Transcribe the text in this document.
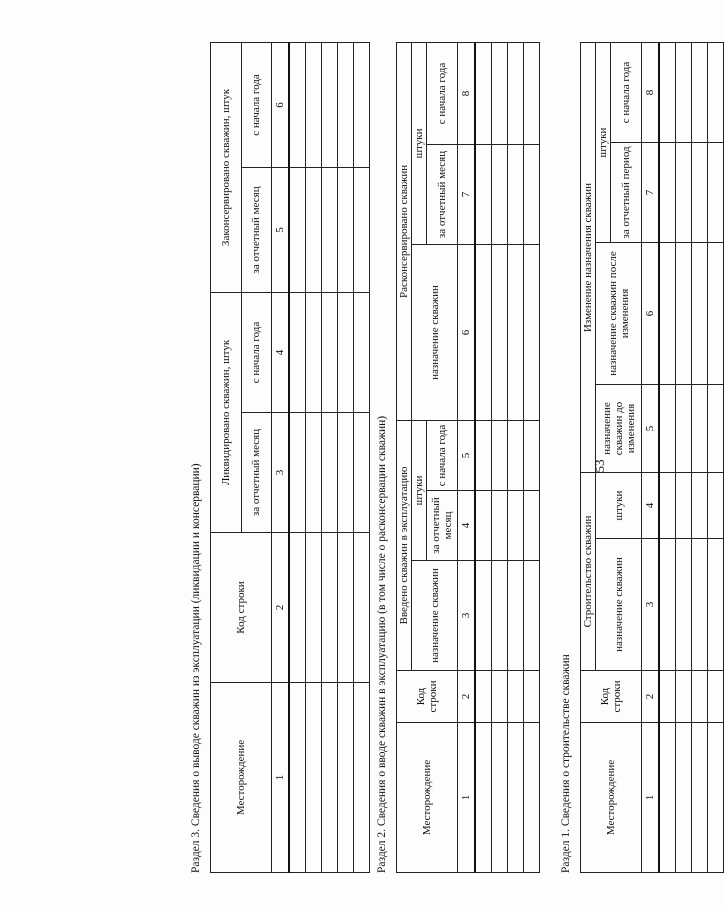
53
Раздел 1. Сведения о строительстве скважин	Месторождение	Код строки	Строительство скважин		Изменение назначения скважин			
		назначение скважин	штуки	назначение скважин до изменения	назначение скважин после изменения	штуки	
						за отчетный период	с начала года
1	2	3	4	5	6	7	8

Раздел 2. Сведения о вводе скважин в эксплуатацию (в том числе о расконсервации скважин)	Месторождение	Код строки	Введено скважин в эксплуатацию			Расконсервировано скважин		
		назначение скважин	штуки		назначение скважин	штуки	
			за отчетный месяц	с начала года		за отчетный месяц	с начала года
1	2	3	4	5	6	7	8

Раздел 3. Сведения о выводе скважин из эксплуатации (ликвидации и консервации)	Месторождение	Код строки	Ликвидировано скважин, штук		Законсервировано скважин, штук	
		за отчетный месяц	с начала года	за отчетный месяц	с начала года
1	2	3	4	5	6
